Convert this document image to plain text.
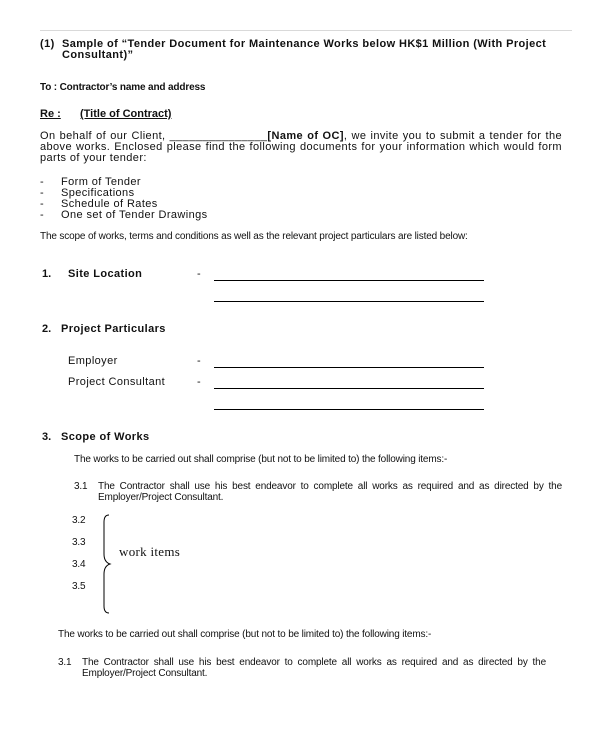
(1) Sample of “Tender Document for Maintenance Works below HK$1 Million (With Project
Consultant)”
To : Contractor’s name and address
Re : (Title of Contract)
On behalf of our Client, _______________[Name of OC], we invite you to submit a tender for the above works. Enclosed please find the following documents for your information which would form parts of your tender:
- Form of Tender
- Specifications
- Schedule of Rates
- One set of Tender Drawings
The scope of works, terms and conditions as well as the relevant project particulars are listed below:
1. Site Location	-
2. Project Particulars
Employer	-
Project Consultant	-
3. Scope of Works
The works to be carried out shall comprise (but not to be limited to) the following items:-
3.1 The Contractor shall use his best endeavor to complete all works as required and as directed by the Employer/Project Consultant.
3.2
3.3
3.4
3.5
work items
The works to be carried out shall comprise (but not to be limited to) the following items:-
3.1 The Contractor shall use his best endeavor to complete all works as required and as directed by the Employer/Project Consultant.
